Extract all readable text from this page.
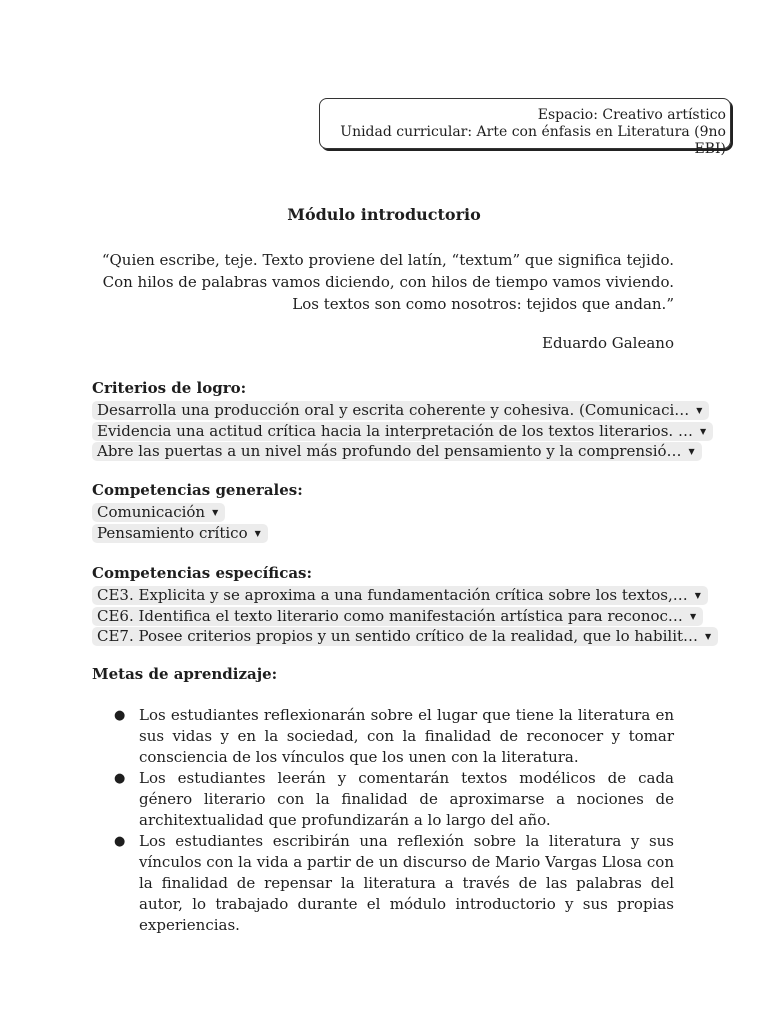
Espacio: Creativo artístico
Unidad curricular: Arte con énfasis en Literatura (9no EBI)
Módulo introductorio
“Quien escribe, teje. Texto proviene del latín, “textum” que significa tejido. Con hilos de palabras vamos diciendo, con hilos de tiempo vamos viviendo. Los textos son como nosotros: tejidos que andan.”
Eduardo Galeano
Criterios de logro:
Desarrolla una producción oral y escrita coherente y cohesiva. (Comunicaci… ▼
Evidencia una actitud crítica hacia la interpretación de los textos literarios. … ▼
Abre las puertas a un nivel más profundo del pensamiento y la comprensió… ▼
Competencias generales:
Comunicación ▼
Pensamiento crítico ▼
Competencias específicas:
CE3. Explicita y se aproxima a una fundamentación crítica sobre los textos,… ▼
CE6. Identifica el texto literario como manifestación artística para reconoc… ▼
CE7. Posee criterios propios y un sentido crítico de la realidad, que lo habilit… ▼
Metas de aprendizaje:
● Los estudiantes reflexionarán sobre el lugar que tiene la literatura en sus vidas y en la sociedad, con la finalidad de reconocer y tomar consciencia de los vínculos que los unen con la literatura.
● Los estudiantes leerán y comentarán textos modélicos de cada género literario con la finalidad de aproximarse a nociones de architextualidad que profundizarán a lo largo del año.
● Los estudiantes escribirán una reflexión sobre la literatura y sus vínculos con la vida a partir de un discurso de Mario Vargas Llosa con la finalidad de repensar la literatura a través de las palabras del autor, lo trabajado durante el módulo introductorio y sus propias experiencias.
